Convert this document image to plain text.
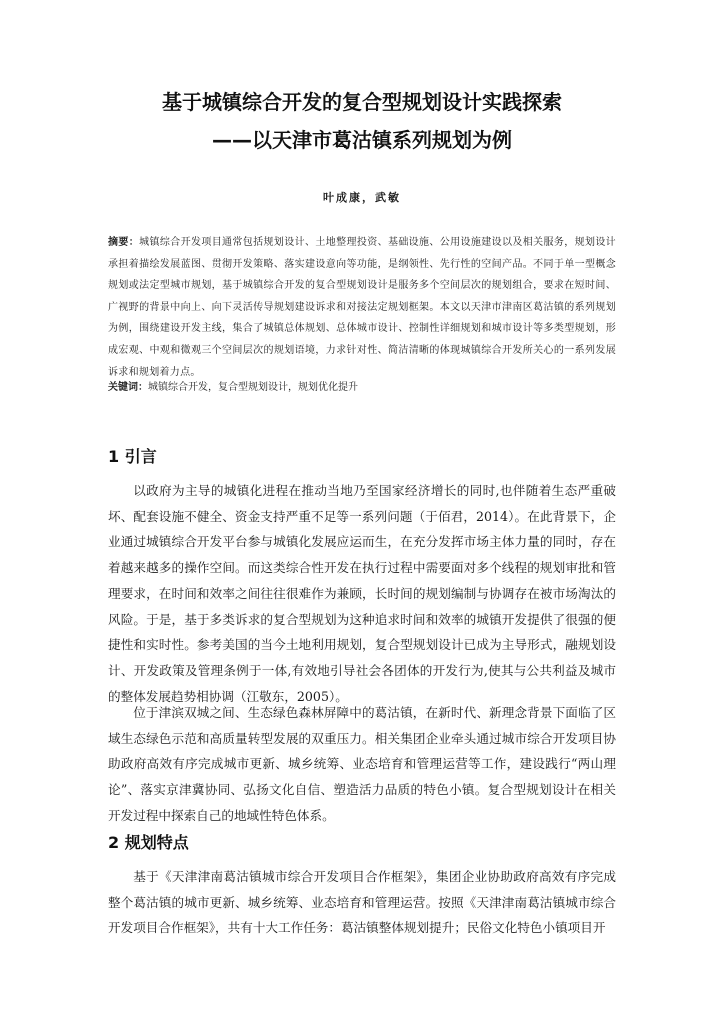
基于城镇综合开发的复合型规划设计实践探索
——以天津市葛沽镇系列规划为例
叶成康，武敏
摘要：城镇综合开发项目通常包括规划设计、土地整理投资、基础设施、公用设施建设以及相关服务，规划设计承担着描绘发展蓝图、贯彻开发策略、落实建设意向等功能，是纲领性、先行性的空间产品。不同于单一型概念规划或法定型城市规划，基于城镇综合开发的复合型规划设计是服务多个空间层次的规划组合，要求在短时间、广视野的背景中向上、向下灵活传导规划建设诉求和对接法定规划框架。本文以天津市津南区葛沽镇的系列规划为例，围绕建设开发主线，集合了城镇总体规划、总体城市设计、控制性详细规划和城市设计等多类型规划，形成宏观、中观和微观三个空间层次的规划语境，力求针对性、简洁清晰的体现城镇综合开发所关心的一系列发展诉求和规划着力点。
关键词：城镇综合开发，复合型规划设计，规划优化提升
1 引言

以政府为主导的城镇化进程在推动当地乃至国家经济增长的同时,也伴随着生态严重破坏、配套设施不健全、资金支持严重不足等一系列问题（于佰君，2014）。在此背景下，企业通过城镇综合开发平台参与城镇化发展应运而生，在充分发挥市场主体力量的同时，存在着越来越多的操作空间。而这类综合性开发在执行过程中需要面对多个线程的规划审批和管理要求，在时间和效率之间往往很难作为兼顾，长时间的规划编制与协调存在被市场淘汰的风险。于是，基于多类诉求的复合型规划为这种追求时间和效率的城镇开发提供了很强的便捷性和实时性。参考美国的当今土地利用规划，复合型规划设计已成为主导形式，融规划设计、开发政策及管理条例于一体,有效地引导社会各团体的开发行为,使其与公共利益及城市的整体发展趋势相协调（江敬东，2005）。

位于津滨双城之间、生态绿色森林屏障中的葛沽镇，在新时代、新理念背景下面临了区域生态绿色示范和高质量转型发展的双重压力。相关集团企业牵头通过城市综合开发项目协助政府高效有序完成城市更新、城乡统筹、业态培育和管理运营等工作，建设践行“两山理论”、落实京津冀协同、弘扬文化自信、塑造活力品质的特色小镇。复合型规划设计在相关开发过程中探索自己的地域性特色体系。

2 规划特点

基于《天津津南葛沽镇城市综合开发项目合作框架》，集团企业协助政府高效有序完成整个葛沽镇的城市更新、城乡统筹、业态培育和管理运营。按照《天津津南葛沽镇城市综合开发项目合作框架》，共有十大工作任务：葛沽镇整体规划提升；民俗文化特色小镇项目开
